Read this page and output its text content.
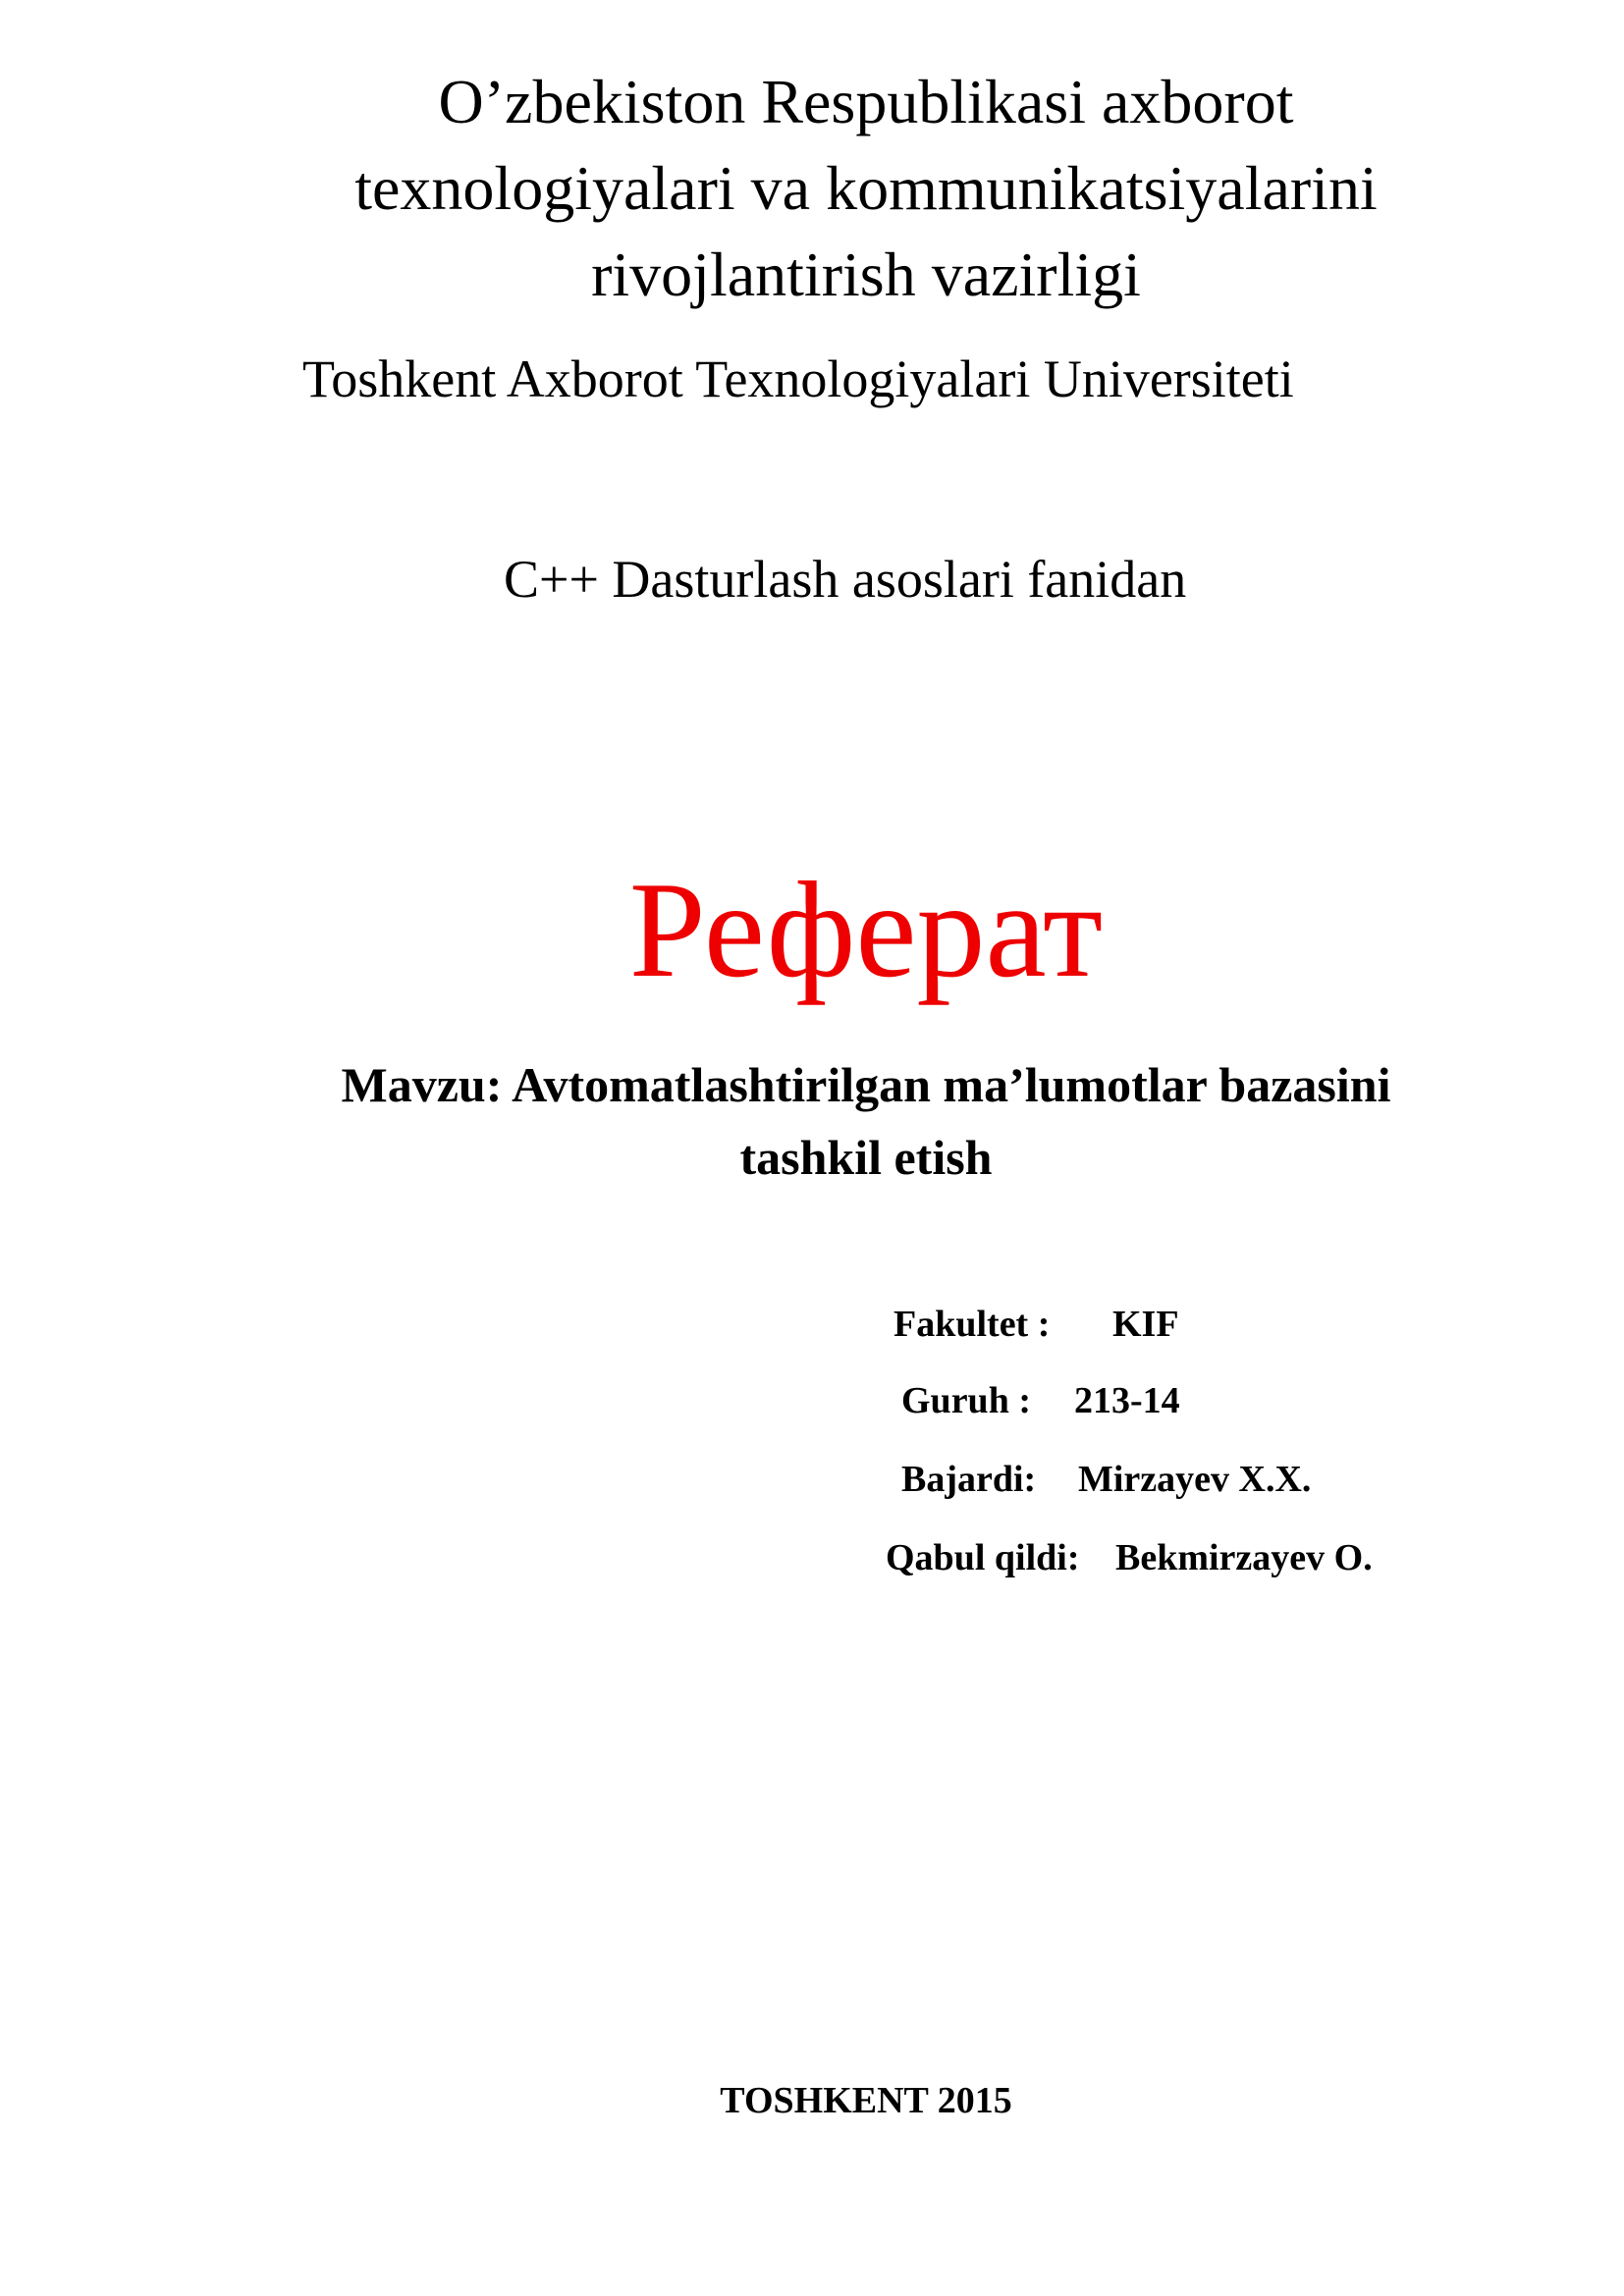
O’zbekiston Respublikasi axborot
texnologiyalari va kommunikatsiyalarini
rivojlantirish vazirligi
Toshkent Axborot Texnologiyalari Universiteti
C++ Dasturlash asoslari fanidan
Реферат
Mavzu: Avtomatlashtirilgan ma’lumotlar bazasini
tashkil etish
Fakultet : KIF
Guruh : 213-14
Bajardi: Mirzayev X.X.
Qabul qildi: Bekmirzayev O.
TOSHKENT 2015
